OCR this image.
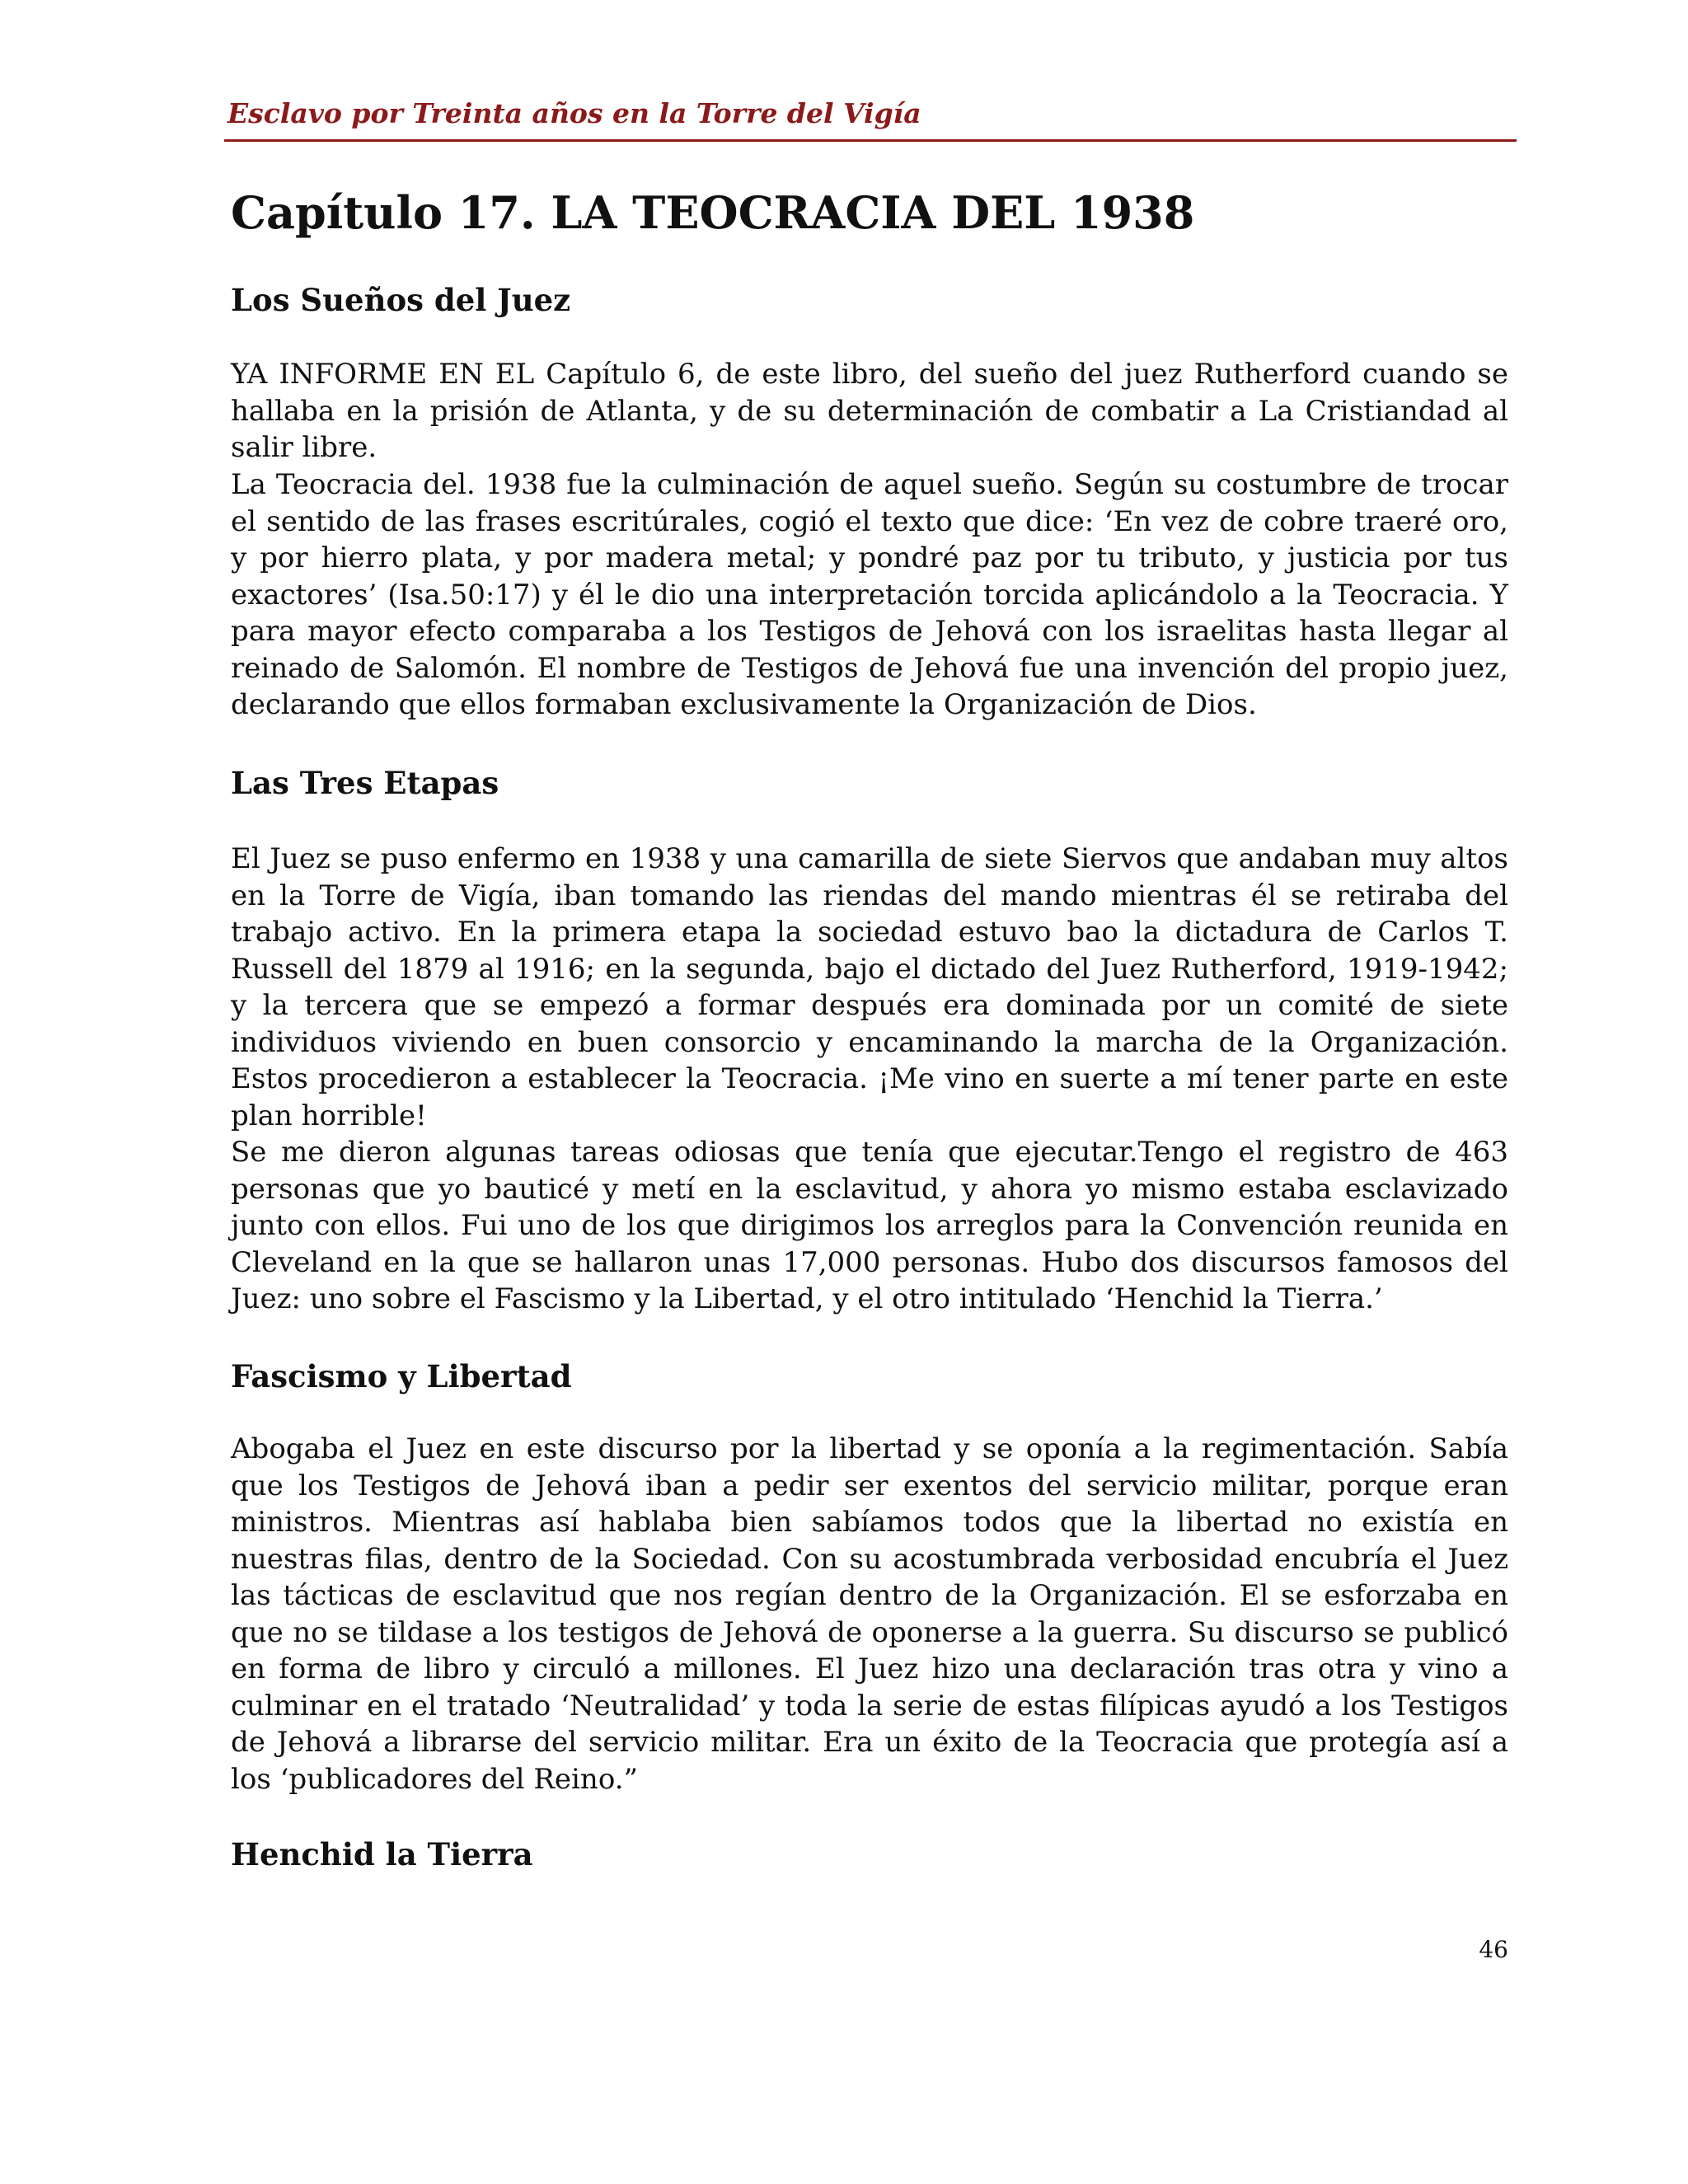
Esclavo por Treinta años en la Torre del Vigía
Capítulo 17. LA TEOCRACIA DEL 1938
Los Sueños del Juez

YA INFORME EN EL Capítulo 6, de este libro, del sueño del juez Rutherford cuando se hallaba en la prisión de Atlanta, y de su determinación de combatir a La Cristiandad al salir libre.

La Teocracia del. 1938 fue la culminación de aquel sueño. Según su costumbre de trocar el sentido de las frases escritúrales, cogió el texto que dice: ‘En vez de cobre traeré oro, y por hierro plata, y por madera metal; y pondré paz por tu tributo, y justicia por tus exactores’ (Isa.50:17) y él le dio una interpretación torcida aplicándolo a la Teocracia. Y para mayor efecto comparaba a los Testigos de Jehová con los israelitas hasta llegar al reinado de Salomón. El nombre de Testigos de Jehová fue una invención del propio juez, declarando que ellos formaban exclusivamente la Organización de Dios.

Las Tres Etapas

El Juez se puso enfermo en 1938 y una camarilla de siete Siervos que andaban muy altos en la Torre de Vigía, iban tomando las riendas del mando mientras él se retiraba del trabajo activo. En la primera etapa la sociedad estuvo bao la dictadura de Carlos T. Russell del 1879 al 1916; en la segunda, bajo el dictado del Juez Rutherford, 1919-1942; y la tercera que se empezó a formar después era dominada por un comité de siete individuos viviendo en buen consorcio y encaminando la marcha de la Organización. Estos procedieron a establecer la Teocracia. ¡Me vino en suerte a mí tener parte en este plan horrible!

Se me dieron algunas tareas odiosas que tenía que ejecutar.Tengo el registro de 463 personas que yo bauticé y metí en la esclavitud, y ahora yo mismo estaba esclavizado junto con ellos. Fui uno de los que dirigimos los arreglos para la Convención reunida en Cleveland en la que se hallaron unas 17,000 personas. Hubo dos discursos famosos del Juez: uno sobre el Fascismo y la Libertad, y el otro intitulado ‘Henchid la Tierra.’

Fascismo y Libertad

Abogaba el Juez en este discurso por la libertad y se oponía a la regimentación. Sabía que los Testigos de Jehová iban a pedir ser exentos del servicio militar, porque eran ministros. Mientras así hablaba bien sabíamos todos que la libertad no existía en nuestras filas, dentro de la Sociedad. Con su acostumbrada verbosidad encubría el Juez las tácticas de esclavitud que nos regían dentro de la Organización. El se esforzaba en que no se tildase a los testigos de Jehová de oponerse a la guerra. Su discurso se publicó en forma de libro y circuló a millones. El Juez hizo una declaración tras otra y vino a culminar en el tratado ‘Neutralidad’ y toda la serie de estas filípicas ayudó a los Testigos de Jehová a librarse del servicio militar. Era un éxito de la Teocracia que protegía así a los ‘publicadores del Reino.”

Henchid la Tierra
46
